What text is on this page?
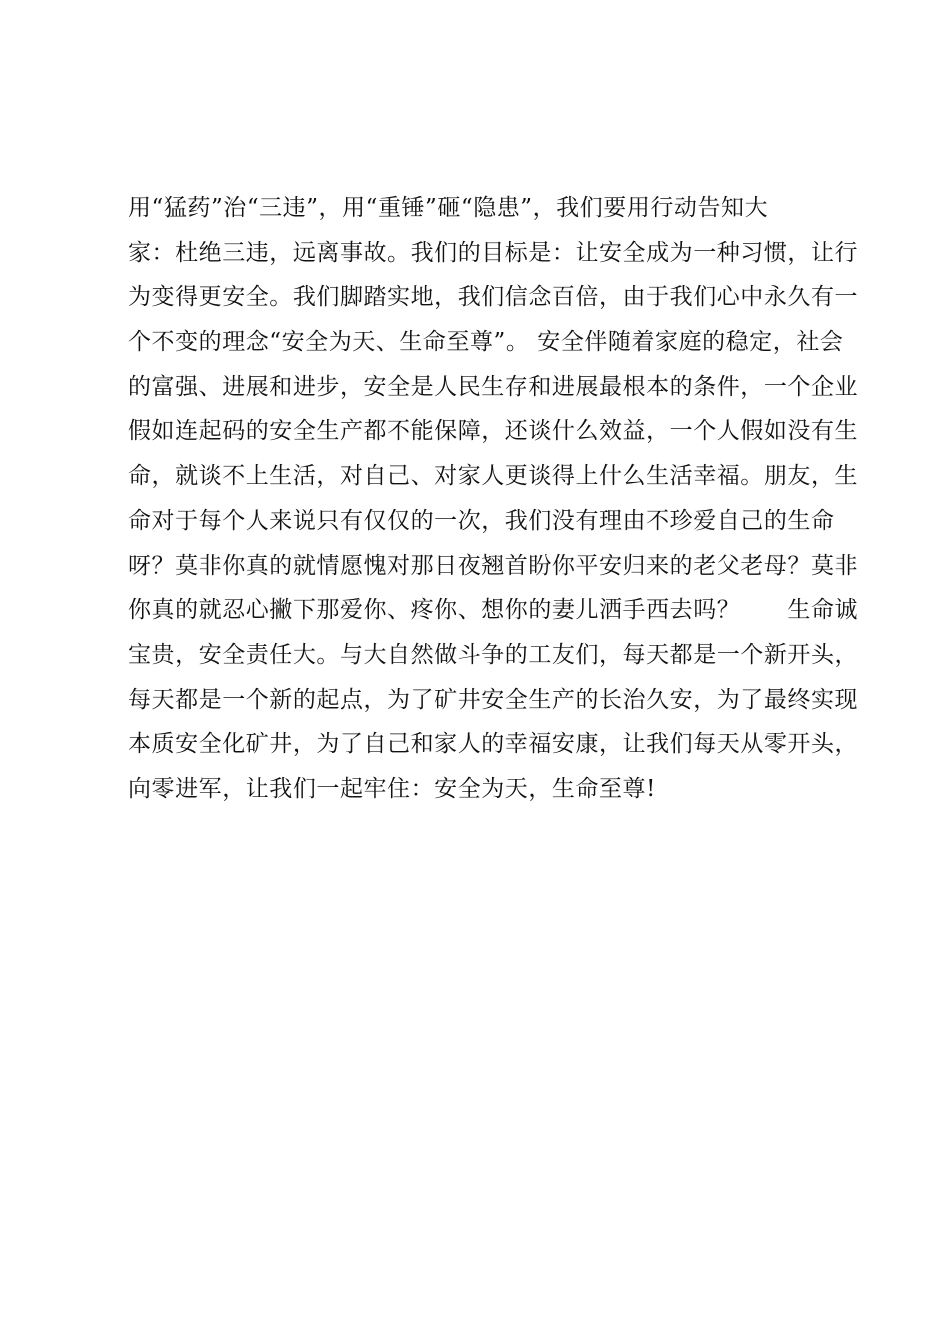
用“猛药”治“三违”，用“重锤”砸“隐患”，我们要用行动告知大
家：杜绝三违，远离事故。我们的目标是：让安全成为一种习惯，让行
为变得更安全。我们脚踏实地，我们信念百倍，由于我们心中永久有一
个不变的理念“安全为天、生命至尊”。 安全伴随着家庭的稳定，社会
的富强、进展和进步，安全是人民生存和进展最根本的条件，一个企业
假如连起码的安全生产都不能保障，还谈什么效益，一个人假如没有生
命，就谈不上生活，对自己、对家人更谈得上什么生活幸福。朋友，生
命对于每个人来说只有仅仅的一次，我们没有理由不珍爱自己的生命
呀？莫非你真的就情愿愧对那日夜翘首盼你平安归来的老父老母？莫非
你真的就忍心撇下那爱你、疼你、想你的妻儿洒手西去吗？　　生命诚
宝贵，安全责任大。与大自然做斗争的工友们，每天都是一个新开头，
每天都是一个新的起点，为了矿井安全生产的长治久安，为了最终实现
本质安全化矿井，为了自己和家人的幸福安康，让我们每天从零开头，
向零进军，让我们一起牢住：安全为天，生命至尊!
